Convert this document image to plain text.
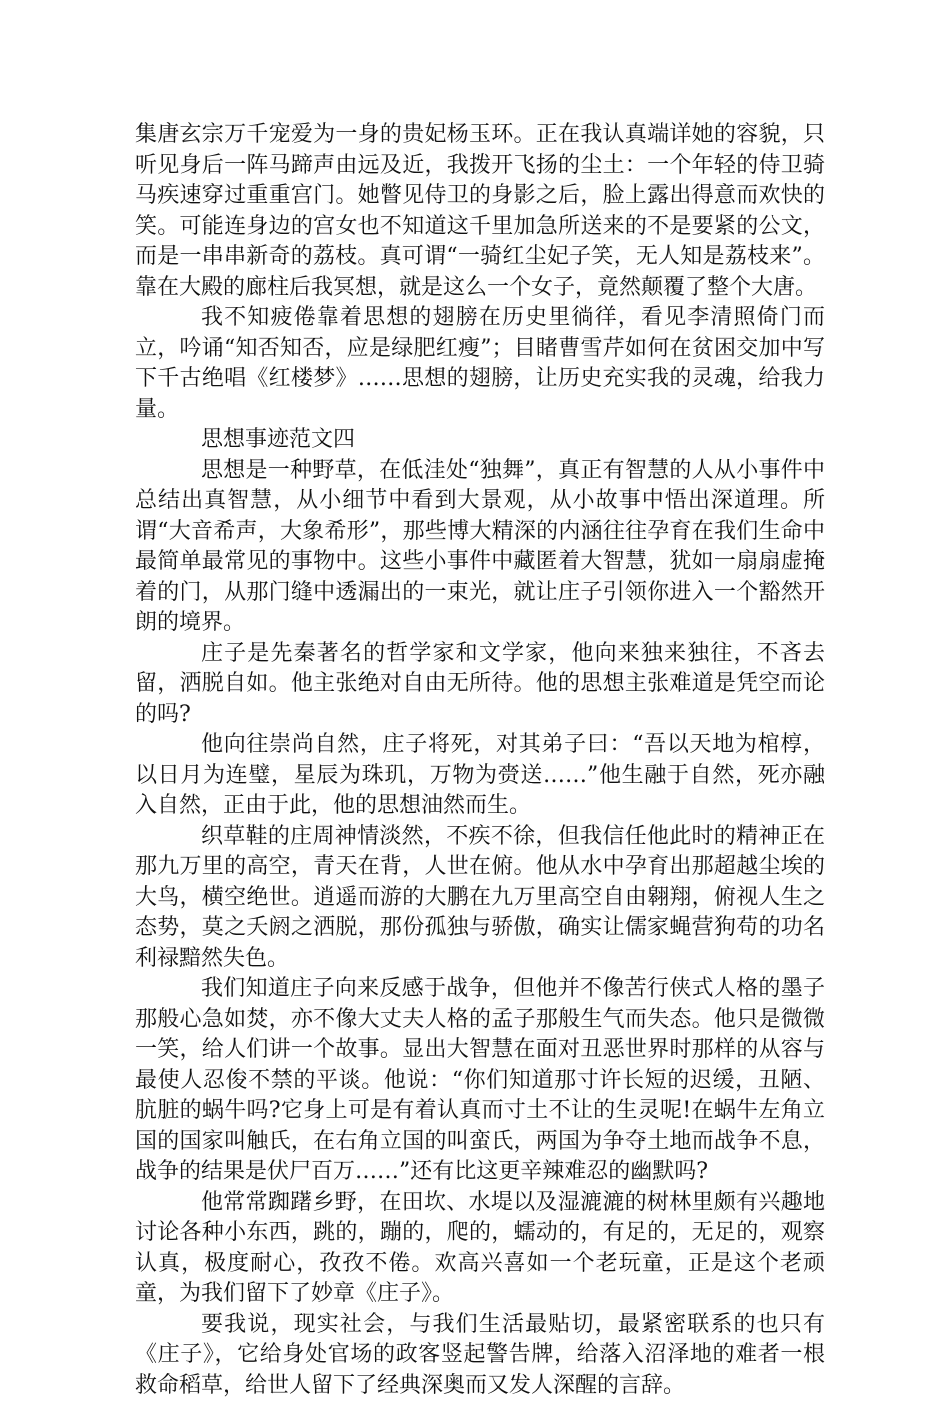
集唐玄宗万千宠爱为一身的贵妃杨玉环。正在我认真端详她的容貌，只听见身后一阵马蹄声由远及近，我拨开飞扬的尘土：一个年轻的侍卫骑马疾速穿过重重宫门。她瞥见侍卫的身影之后，脸上露出得意而欢快的笑。可能连身边的宫女也不知道这千里加急所送来的不是要紧的公文，而是一串串新奇的荔枝。真可谓“一骑红尘妃子笑，无人知是荔枝来”。靠在大殿的廊柱后我冥想，就是这么一个女子，竟然颠覆了整个大唐。

我不知疲倦靠着思想的翅膀在历史里徜徉，看见李清照倚门而立，吟诵“知否知否，应是绿肥红瘦”；目睹曹雪芹如何在贫困交加中写下千古绝唱《红楼梦》……思想的翅膀，让历史充实我的灵魂，给我力量。

思想事迹范文四

思想是一种野草，在低洼处“独舞”，真正有智慧的人从小事件中总结出真智慧，从小细节中看到大景观，从小故事中悟出深道理。所谓“大音希声，大象希形”，那些博大精深的内涵往往孕育在我们生命中最简单最常见的事物中。这些小事件中藏匿着大智慧，犹如一扇扇虚掩着的门，从那门缝中透漏出的一束光，就让庄子引领你进入一个豁然开朗的境界。

庄子是先秦著名的哲学家和文学家，他向来独来独往，不吝去留，洒脱自如。他主张绝对自由无所待。他的思想主张难道是凭空而论的吗?

他向往崇尚自然，庄子将死，对其弟子曰：“吾以天地为棺椁，以日月为连璧，星辰为珠玑，万物为赍送……”他生融于自然，死亦融入自然，正由于此，他的思想油然而生。

织草鞋的庄周神情淡然，不疾不徐，但我信任他此时的精神正在那九万里的高空，青天在背，人世在俯。他从水中孕育出那超越尘埃的大鸟，横空绝世。逍遥而游的大鹏在九万里高空自由翱翔，俯视人生之态势，莫之夭阏之洒脱，那份孤独与骄傲，确实让儒家蝇营狗苟的功名利禄黯然失色。

我们知道庄子向来反感于战争，但他并不像苦行侠式人格的墨子那般心急如焚，亦不像大丈夫人格的孟子那般生气而失态。他只是微微一笑，给人们讲一个故事。显出大智慧在面对丑恶世界时那样的从容与最使人忍俊不禁的平谈。他说：“你们知道那寸许长短的迟缓，丑陋、肮脏的蜗牛吗?它身上可是有着认真而寸土不让的生灵呢!在蜗牛左角立国的国家叫触氏，在右角立国的叫蛮氏，两国为争夺土地而战争不息，战争的结果是伏尸百万……”还有比这更辛辣难忍的幽默吗?

他常常踟躇乡野，在田坎、水堤以及湿漉漉的树林里颇有兴趣地讨论各种小东西，跳的，蹦的，爬的，蠕动的，有足的，无足的，观察认真，极度耐心，孜孜不倦。欢高兴喜如一个老玩童，正是这个老顽童，为我们留下了妙章《庄子》。

要我说，现实社会，与我们生活最贴切，最紧密联系的也只有《庄子》，它给身处官场的政客竖起警告牌，给落入沼泽地的难者一根救命稻草，给世人留下了经典深奥而又发人深醒的言辞。
